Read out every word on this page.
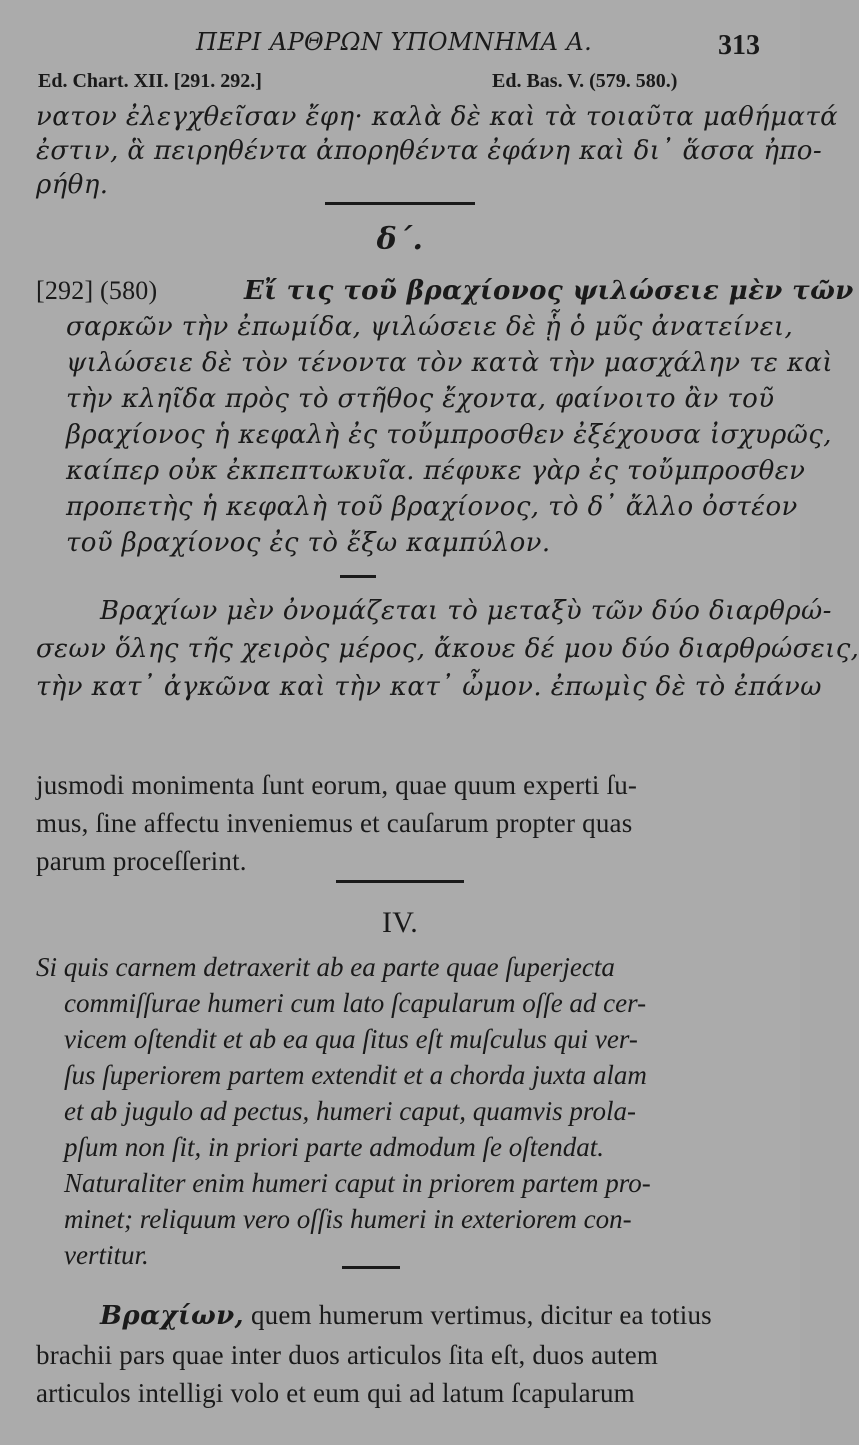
ΠΕΡΙ ΑΡΘΡΩΝ ΥΠΟΜΝΗΜΑ Α.	313
Ed. Chart. XII. [291. 292.]	Ed. Bas. V. (579. 580.)
νατον ἐλεγχθεῖσαν ἔφη· καλὰ δὲ καὶ τὰ τοιαῦτα μαθήματά
ἐστιν, ἃ πειρηθέντα ἀπορηθέντα ἐφάνη καὶ δι᾽ ἅσσα ἠπο-
ρήθη.
δ΄.
[292] (580)	Εἴ τις τοῦ βραχίονος ψιλώσειε μὲν τῶν
σαρκῶν τὴν ἐπωμίδα, ψιλώσειε δὲ ᾗ ὁ μῦς ἀνατείνει,
ψιλώσειε δὲ τὸν τένοντα τὸν κατὰ τὴν μασχάλην τε καὶ
τὴν κληῖδα πρὸς τὸ στῆθος ἔχοντα, φαίνοιτο ἂν τοῦ
βραχίονος ἡ κεφαλὴ ἐς τοὔμπροσθεν ἐξέχουσα ἰσχυρῶς,
καίπερ οὐκ ἐκπεπτωκυῖα. πέφυκε γὰρ ἐς τοὔμπροσθεν
προπετὴς ἡ κεφαλὴ τοῦ βραχίονος, τὸ δ᾽ ἄλλο ὀστέον
τοῦ βραχίονος ἐς τὸ ἔξω καμπύλον.
Βραχίων μὲν ὀνομάζεται τὸ μεταξὺ τῶν δύο διαρθρώ-
σεων ὅλης τῆς χειρὸς μέρος, ἄκουε δέ μου δύο διαρθρώσεις,
τὴν κατ᾽ ἀγκῶνα καὶ τὴν κατ᾽ ὦμον. ἐπωμὶς δὲ τὸ ἐπάνω
jusmodi monimenta ſunt eorum, quae quum experti ſu-
mus, ſine affectu inveniemus et cauſarum propter quas
parum proceſſerint.
IV.
Si quis carnem detraxerit ab ea parte quae ſuperjecta
commiſſurae humeri cum lato ſcapularum oſſe ad cer-
vicem oſtendit et ab ea qua ſitus eſt muſculus qui ver-
ſus ſuperiorem partem extendit et a chorda juxta alam
et ab jugulo ad pectus, humeri caput, quamvis prola-
pſum non ſit, in priori parte admodum ſe oſtendat.
Naturaliter enim humeri caput in priorem partem pro-
minet; reliquum vero oſſis humeri in exteriorem con-
vertitur.
Βραχίων, quem humerum vertimus, dicitur ea totius
brachii pars quae inter duos articulos ſita eſt, duos autem
articulos intelligi volo et eum qui ad latum ſcapularum
